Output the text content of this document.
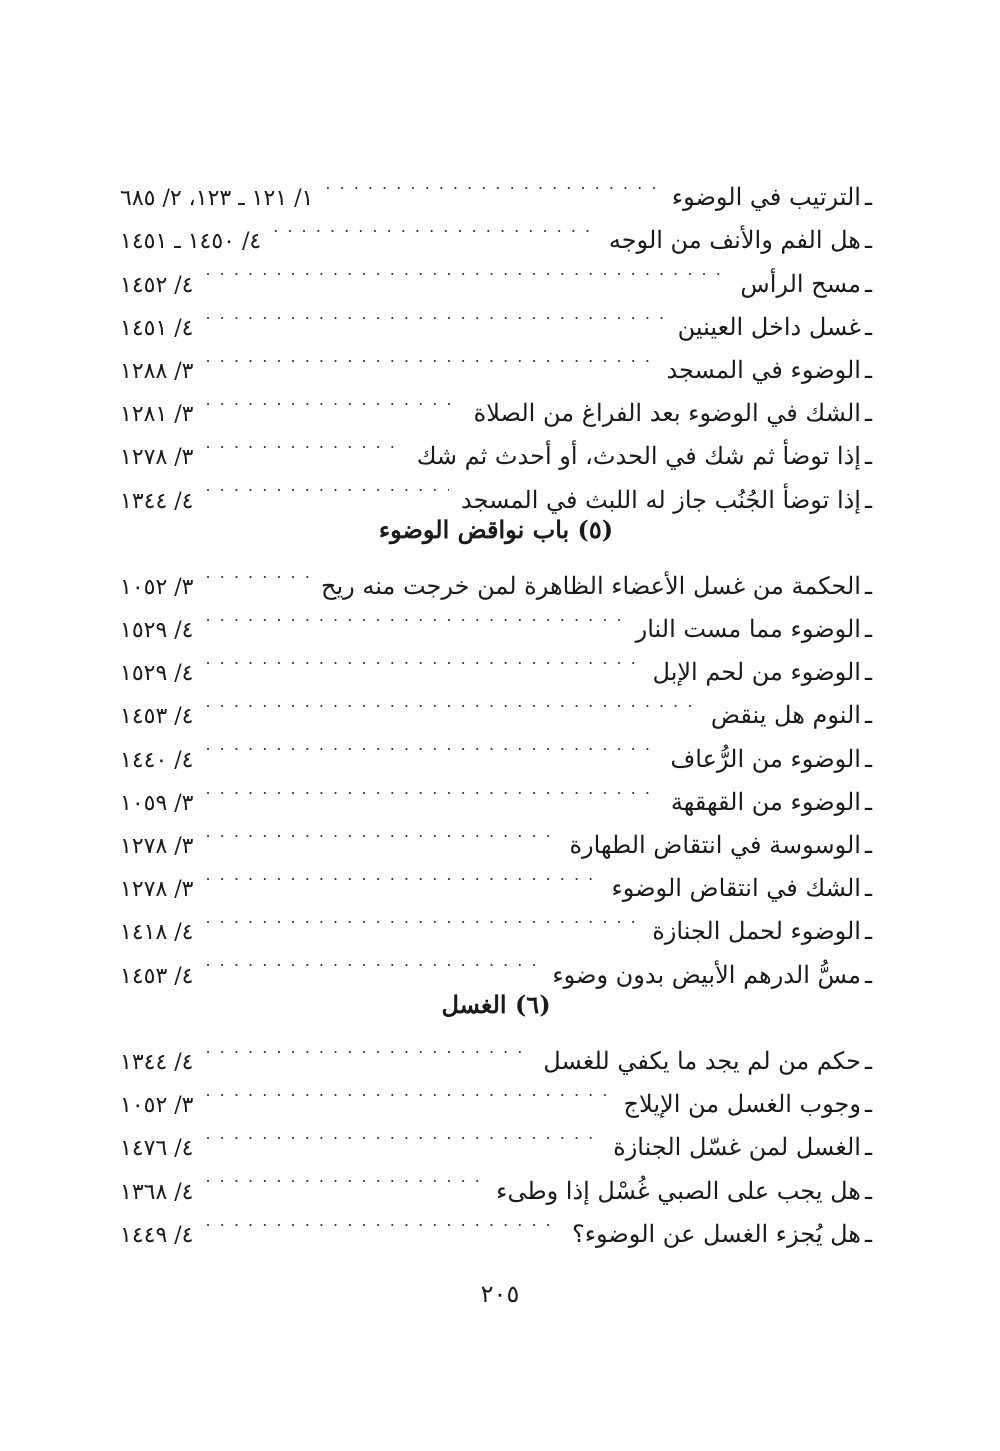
ـ
الترتيب في الوضوء
. . .
١/ ١٢١ ـ ١٢٣، ٢/ ٦٨٥
ـ
هل الفم والأنف من الوجه
. . .
٤/ ١٤٥٠ ـ ١٤٥١
ـ
مسح الرأس
. . .
٤/ ١٤٥٢
ـ
غسل داخل العينين
. . .
٤/ ١٤٥١
ـ
الوضوء في المسجد
. . .
٣/ ١٢٨٨
ـ
الشك في الوضوء بعد الفراغ من الصلاة
. . .
٣/ ١٢٨١
ـ
إذا توضأ ثم شك في الحدث، أو أحدث ثم شك
. . .
٣/ ١٢٧٨
ـ
إذا توضأ الجُنُب جاز له اللبث في المسجد
. . .
٤/ ١٣٤٤
(٥) باب نواقض الوضوء
ـ
الحكمة من غسل الأعضاء الظاهرة لمن خرجت منه ريح
. . .
٣/ ١٠٥٢
ـ
الوضوء مما مست النار
. . .
٤/ ١٥٢٩
ـ
الوضوء من لحم الإبل
. . .
٤/ ١٥٢٩
ـ
النوم هل ينقض
. . .
٤/ ١٤٥٣
ـ
الوضوء من الرُّعاف
. . .
٤/ ١٤٤٠
ـ
الوضوء من القهقهة
. . .
٣/ ١٠٥٩
ـ
الوسوسة في انتقاض الطهارة
. . .
٣/ ١٢٧٨
ـ
الشك في انتقاض الوضوء
. . .
٣/ ١٢٧٨
ـ
الوضوء لحمل الجنازة
. . .
٤/ ١٤١٨
ـ
مسُّ الدرهم الأبيض بدون وضوء
. . .
٤/ ١٤٥٣
(٦) الغسل
ـ
حكم من لم يجد ما يكفي للغسل
. . .
٤/ ١٣٤٤
ـ
وجوب الغسل من الإيلاج
. . .
٣/ ١٠٥٢
ـ
الغسل لمن غسّل الجنازة
. . .
٤/ ١٤٧٦
ـ
هل يجب على الصبي غُسْل إذا وطىء
. . .
٤/ ١٣٦٨
ـ
هل يُجزء الغسل عن الوضوء؟
. . .
٤/ ١٤٤٩
٢٠٥
